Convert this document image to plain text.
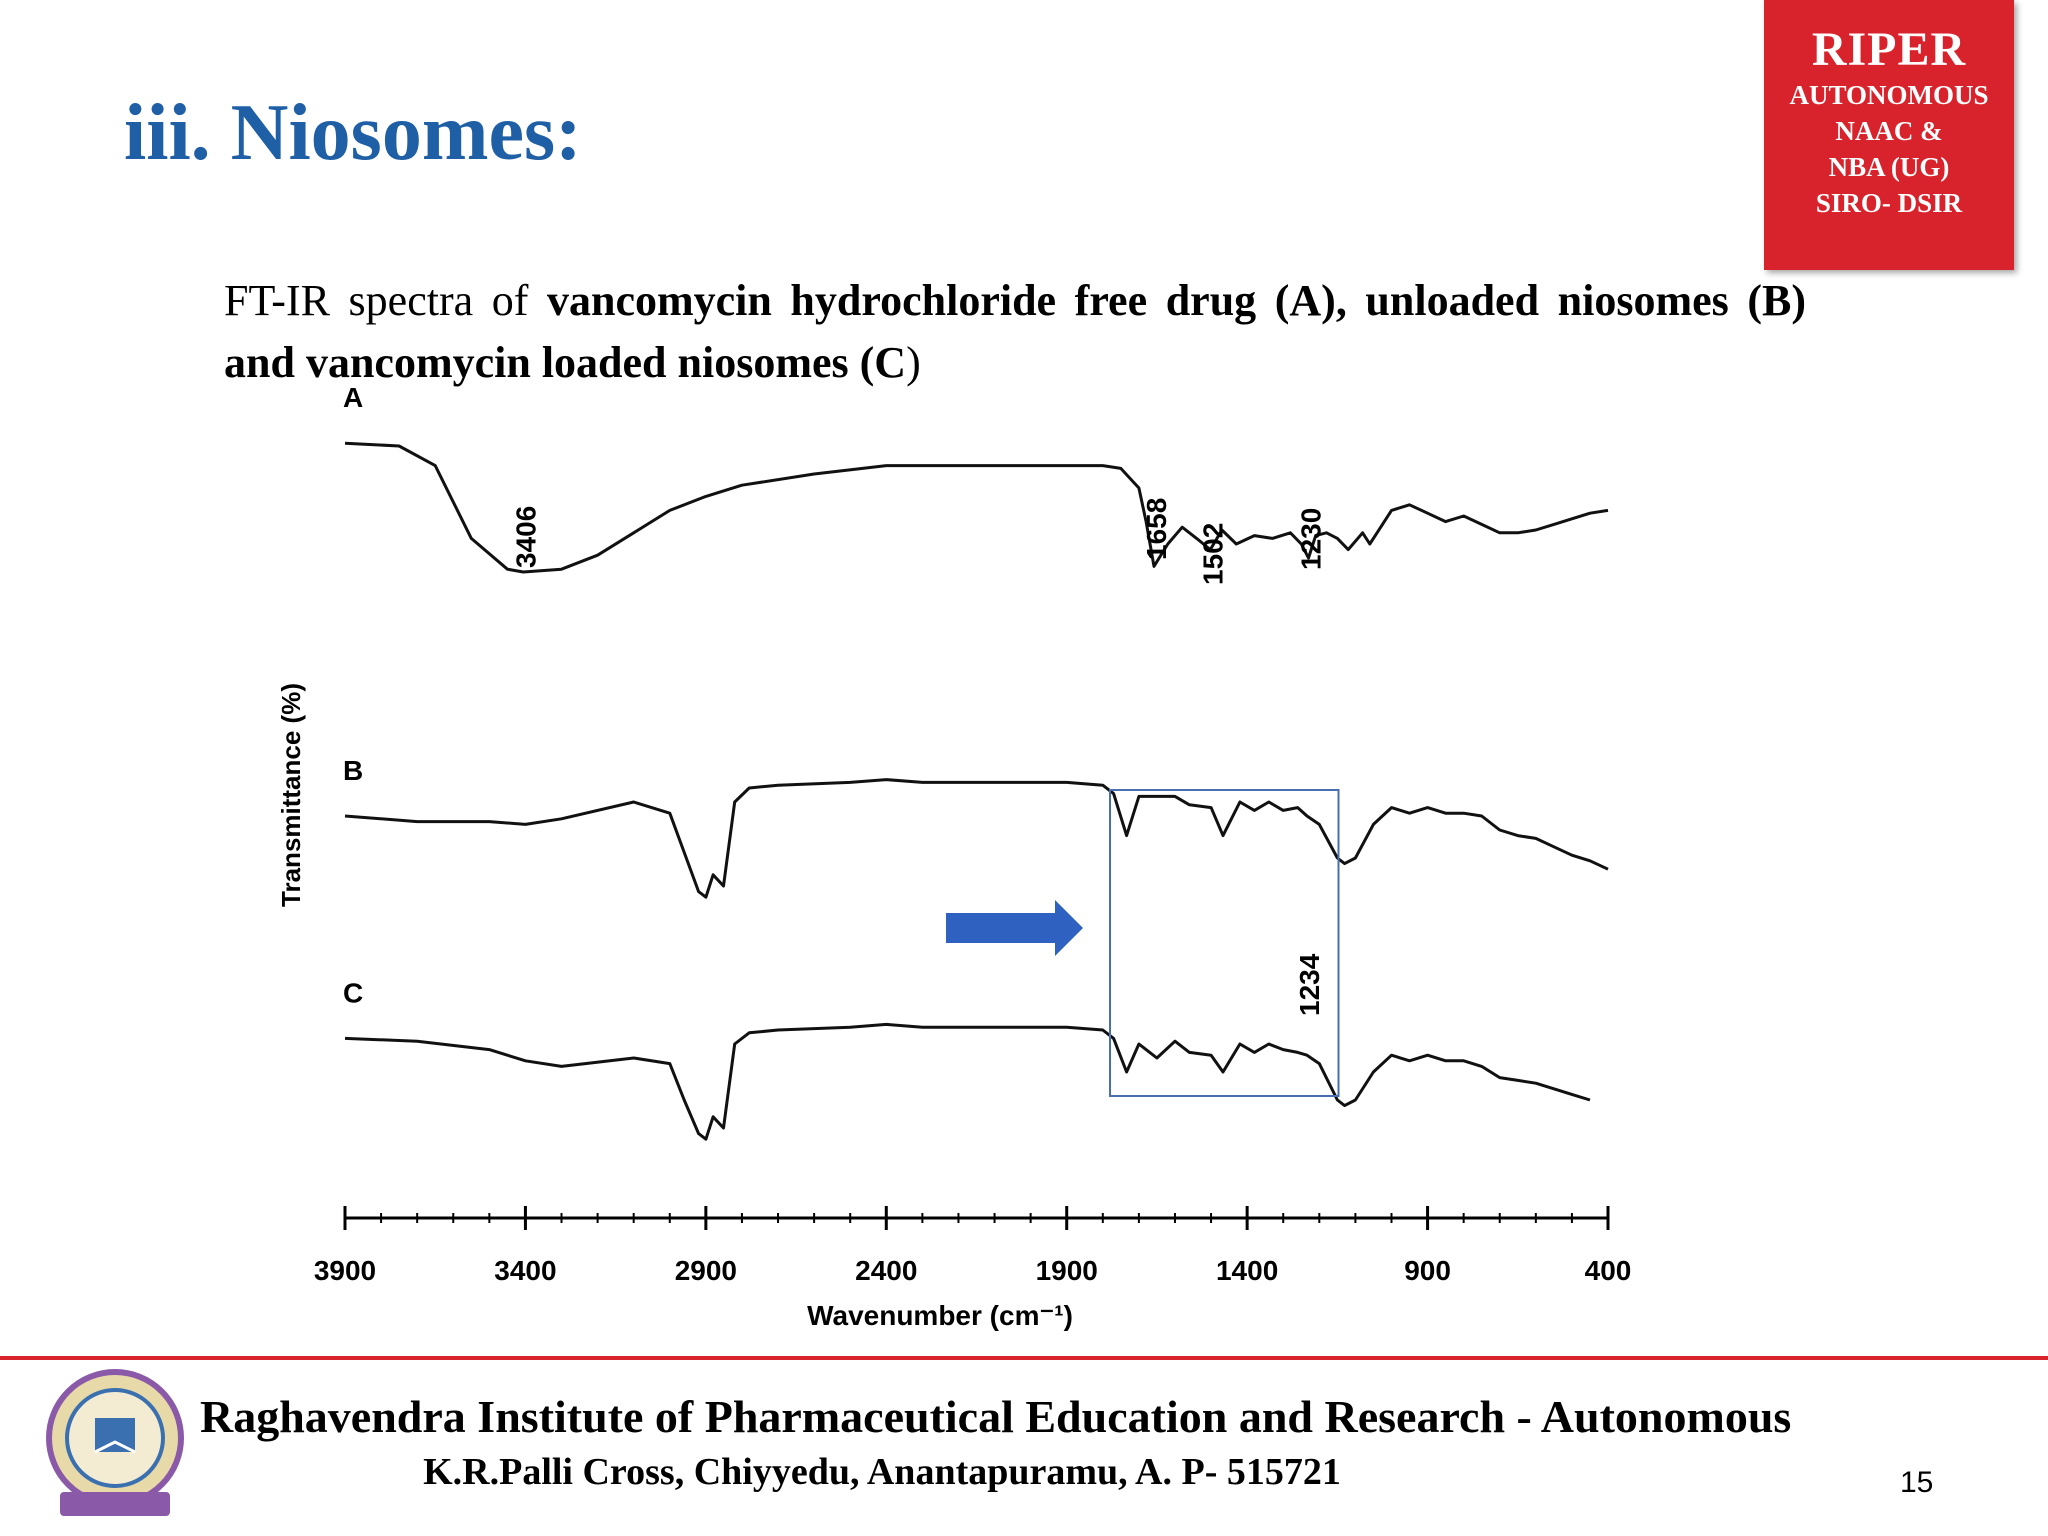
iii. Niosomes:
RIPER
AUTONOMOUS
NAAC &
NBA (UG)
SIRO- DSIR
FT-IR spectra of vancomycin hydrochloride free drug (A), unloaded niosomes (B) and vancomycin loaded niosomes (C)
A
B
C
3406	1658 1502 1230
1234
3900	3400	2900	2400	1900	1400	900	400
Transmittance (%)
Wavenumber (cm⁻¹)
Raghavendra Institute of Pharmaceutical Education and Research - Autonomous
K.R.Palli Cross, Chiyyedu, Anantapuramu, A. P- 515721	15
